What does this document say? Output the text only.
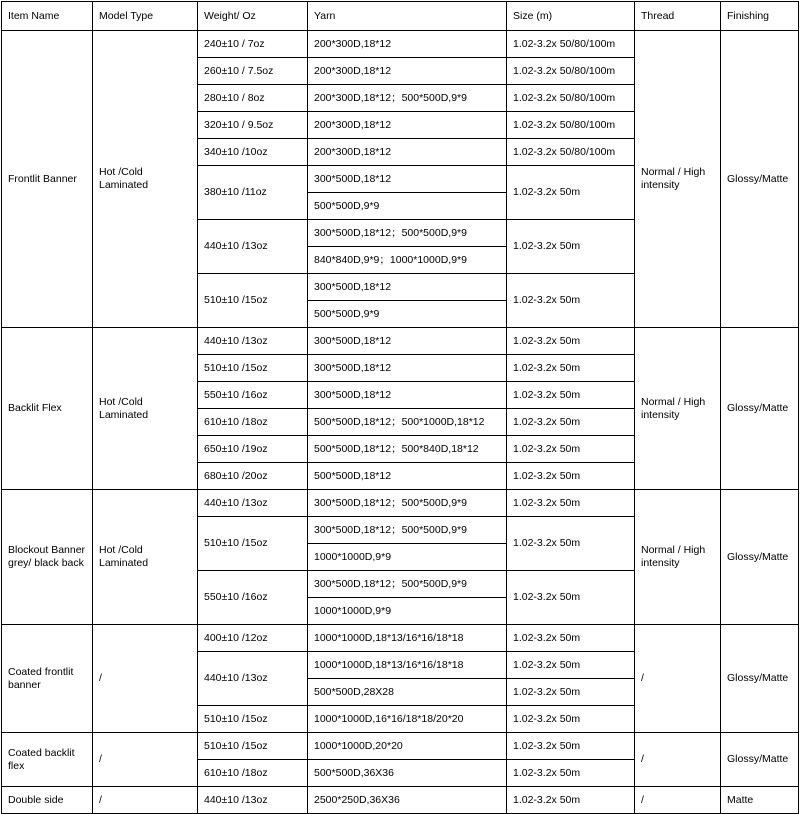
Item Name	Model Type	Weight/ Oz	Yarn	Size (m)	Thread	Finishing
Frontlit Banner	Hot /Cold Laminated	240±10 / 7oz	200*300D,18*12	1.02-3.2x 50/80/100m	Normal / High intensity	Glossy/Matte
		260±10 / 7.5oz	200*300D,18*12	1.02-3.2x 50/80/100m		
		280±10 / 8oz	200*300D,18*12；500*500D,9*9	1.02-3.2x 50/80/100m		
		320±10 / 9.5oz	200*300D,18*12	1.02-3.2x 50/80/100m		
		340±10 /10oz	200*300D,18*12	1.02-3.2x 50/80/100m		
		380±10 /11oz	300*500D,18*12	1.02-3.2x 50m		
			500*500D,9*9			
		440±10 /13oz	300*500D,18*12；500*500D,9*9	1.02-3.2x 50m		
			840*840D,9*9；1000*1000D,9*9			
		510±10 /15oz	300*500D,18*12	1.02-3.2x 50m		
			500*500D,9*9			
Backlit Flex	Hot /Cold Laminated	440±10 /13oz	300*500D,18*12	1.02-3.2x 50m	Normal / High intensity	Glossy/Matte
		510±10 /15oz	300*500D,18*12	1.02-3.2x 50m		
		550±10 /16oz	300*500D,18*12	1.02-3.2x 50m		
		610±10 /18oz	500*500D,18*12；500*1000D,18*12	1.02-3.2x 50m		
		650±10 /19oz	500*500D,18*12；500*840D,18*12	1.02-3.2x 50m		
		680±10 /20oz	500*500D,18*12	1.02-3.2x 50m		
Blockout Banner grey/ black back	Hot /Cold Laminated	440±10 /13oz	300*500D,18*12；500*500D,9*9	1.02-3.2x 50m	Normal / High intensity	Glossy/Matte
		510±10 /15oz	300*500D,18*12；500*500D,9*9	1.02-3.2x 50m		
			1000*1000D,9*9			
		550±10 /16oz	300*500D,18*12；500*500D,9*9	1.02-3.2x 50m		
			1000*1000D,9*9			
Coated frontlit banner	/	400±10 /12oz	1000*1000D,18*13/16*16/18*18	1.02-3.2x 50m	/	Glossy/Matte
		440±10 /13oz	1000*1000D,18*13/16*16/18*18	1.02-3.2x 50m		
			500*500D,28X28	1.02-3.2x 50m		
		510±10 /15oz	1000*1000D,16*16/18*18/20*20	1.02-3.2x 50m		
Coated backlit flex	/	510±10 /15oz	1000*1000D,20*20	1.02-3.2x 50m	/	Glossy/Matte
		610±10 /18oz	500*500D,36X36	1.02-3.2x 50m		
Double side	/	440±10 /13oz	2500*250D,36X36	1.02-3.2x 50m	/	Matte
